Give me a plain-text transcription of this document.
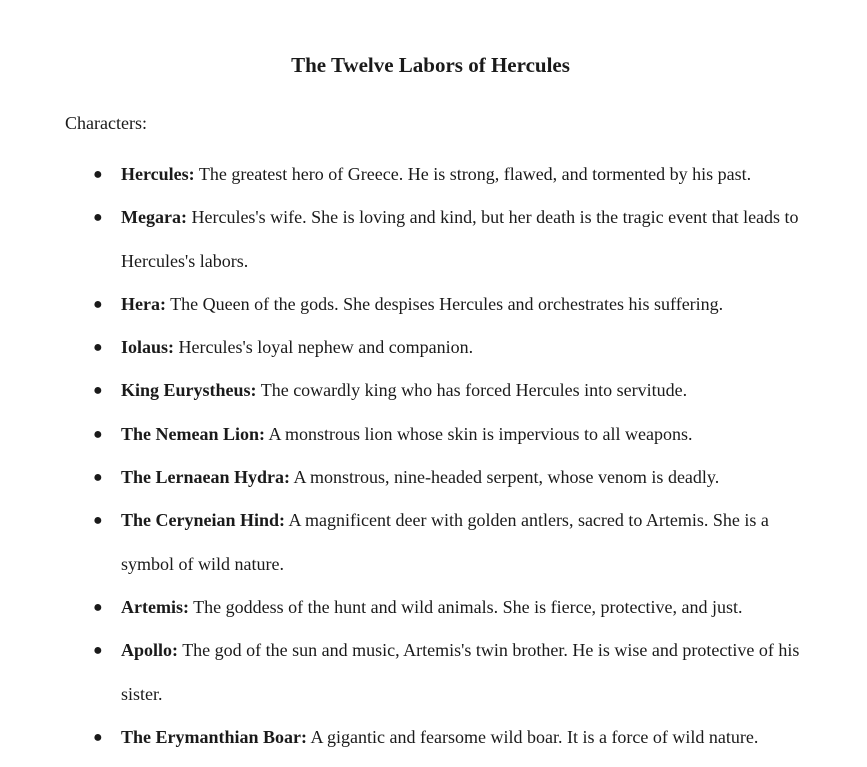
The Twelve Labors of Hercules

Characters:

● Hercules: The greatest hero of Greece. He is strong, flawed, and tormented by his past.
● Megara: Hercules's wife. She is loving and kind, but her death is the tragic event that leads to Hercules's labors.
● Hera: The Queen of the gods. She despises Hercules and orchestrates his suffering.
● Iolaus: Hercules's loyal nephew and companion.
● King Eurystheus: The cowardly king who has forced Hercules into servitude.
● The Nemean Lion: A monstrous lion whose skin is impervious to all weapons.
● The Lernaean Hydra: A monstrous, nine-headed serpent, whose venom is deadly.
● The Ceryneian Hind: A magnificent deer with golden antlers, sacred to Artemis. She is a symbol of wild nature.
● Artemis: The goddess of the hunt and wild animals. She is fierce, protective, and just.
● Apollo: The god of the sun and music, Artemis's twin brother. He is wise and protective of his sister.
● The Erymanthian Boar: A gigantic and fearsome wild boar. It is a force of wild nature.
